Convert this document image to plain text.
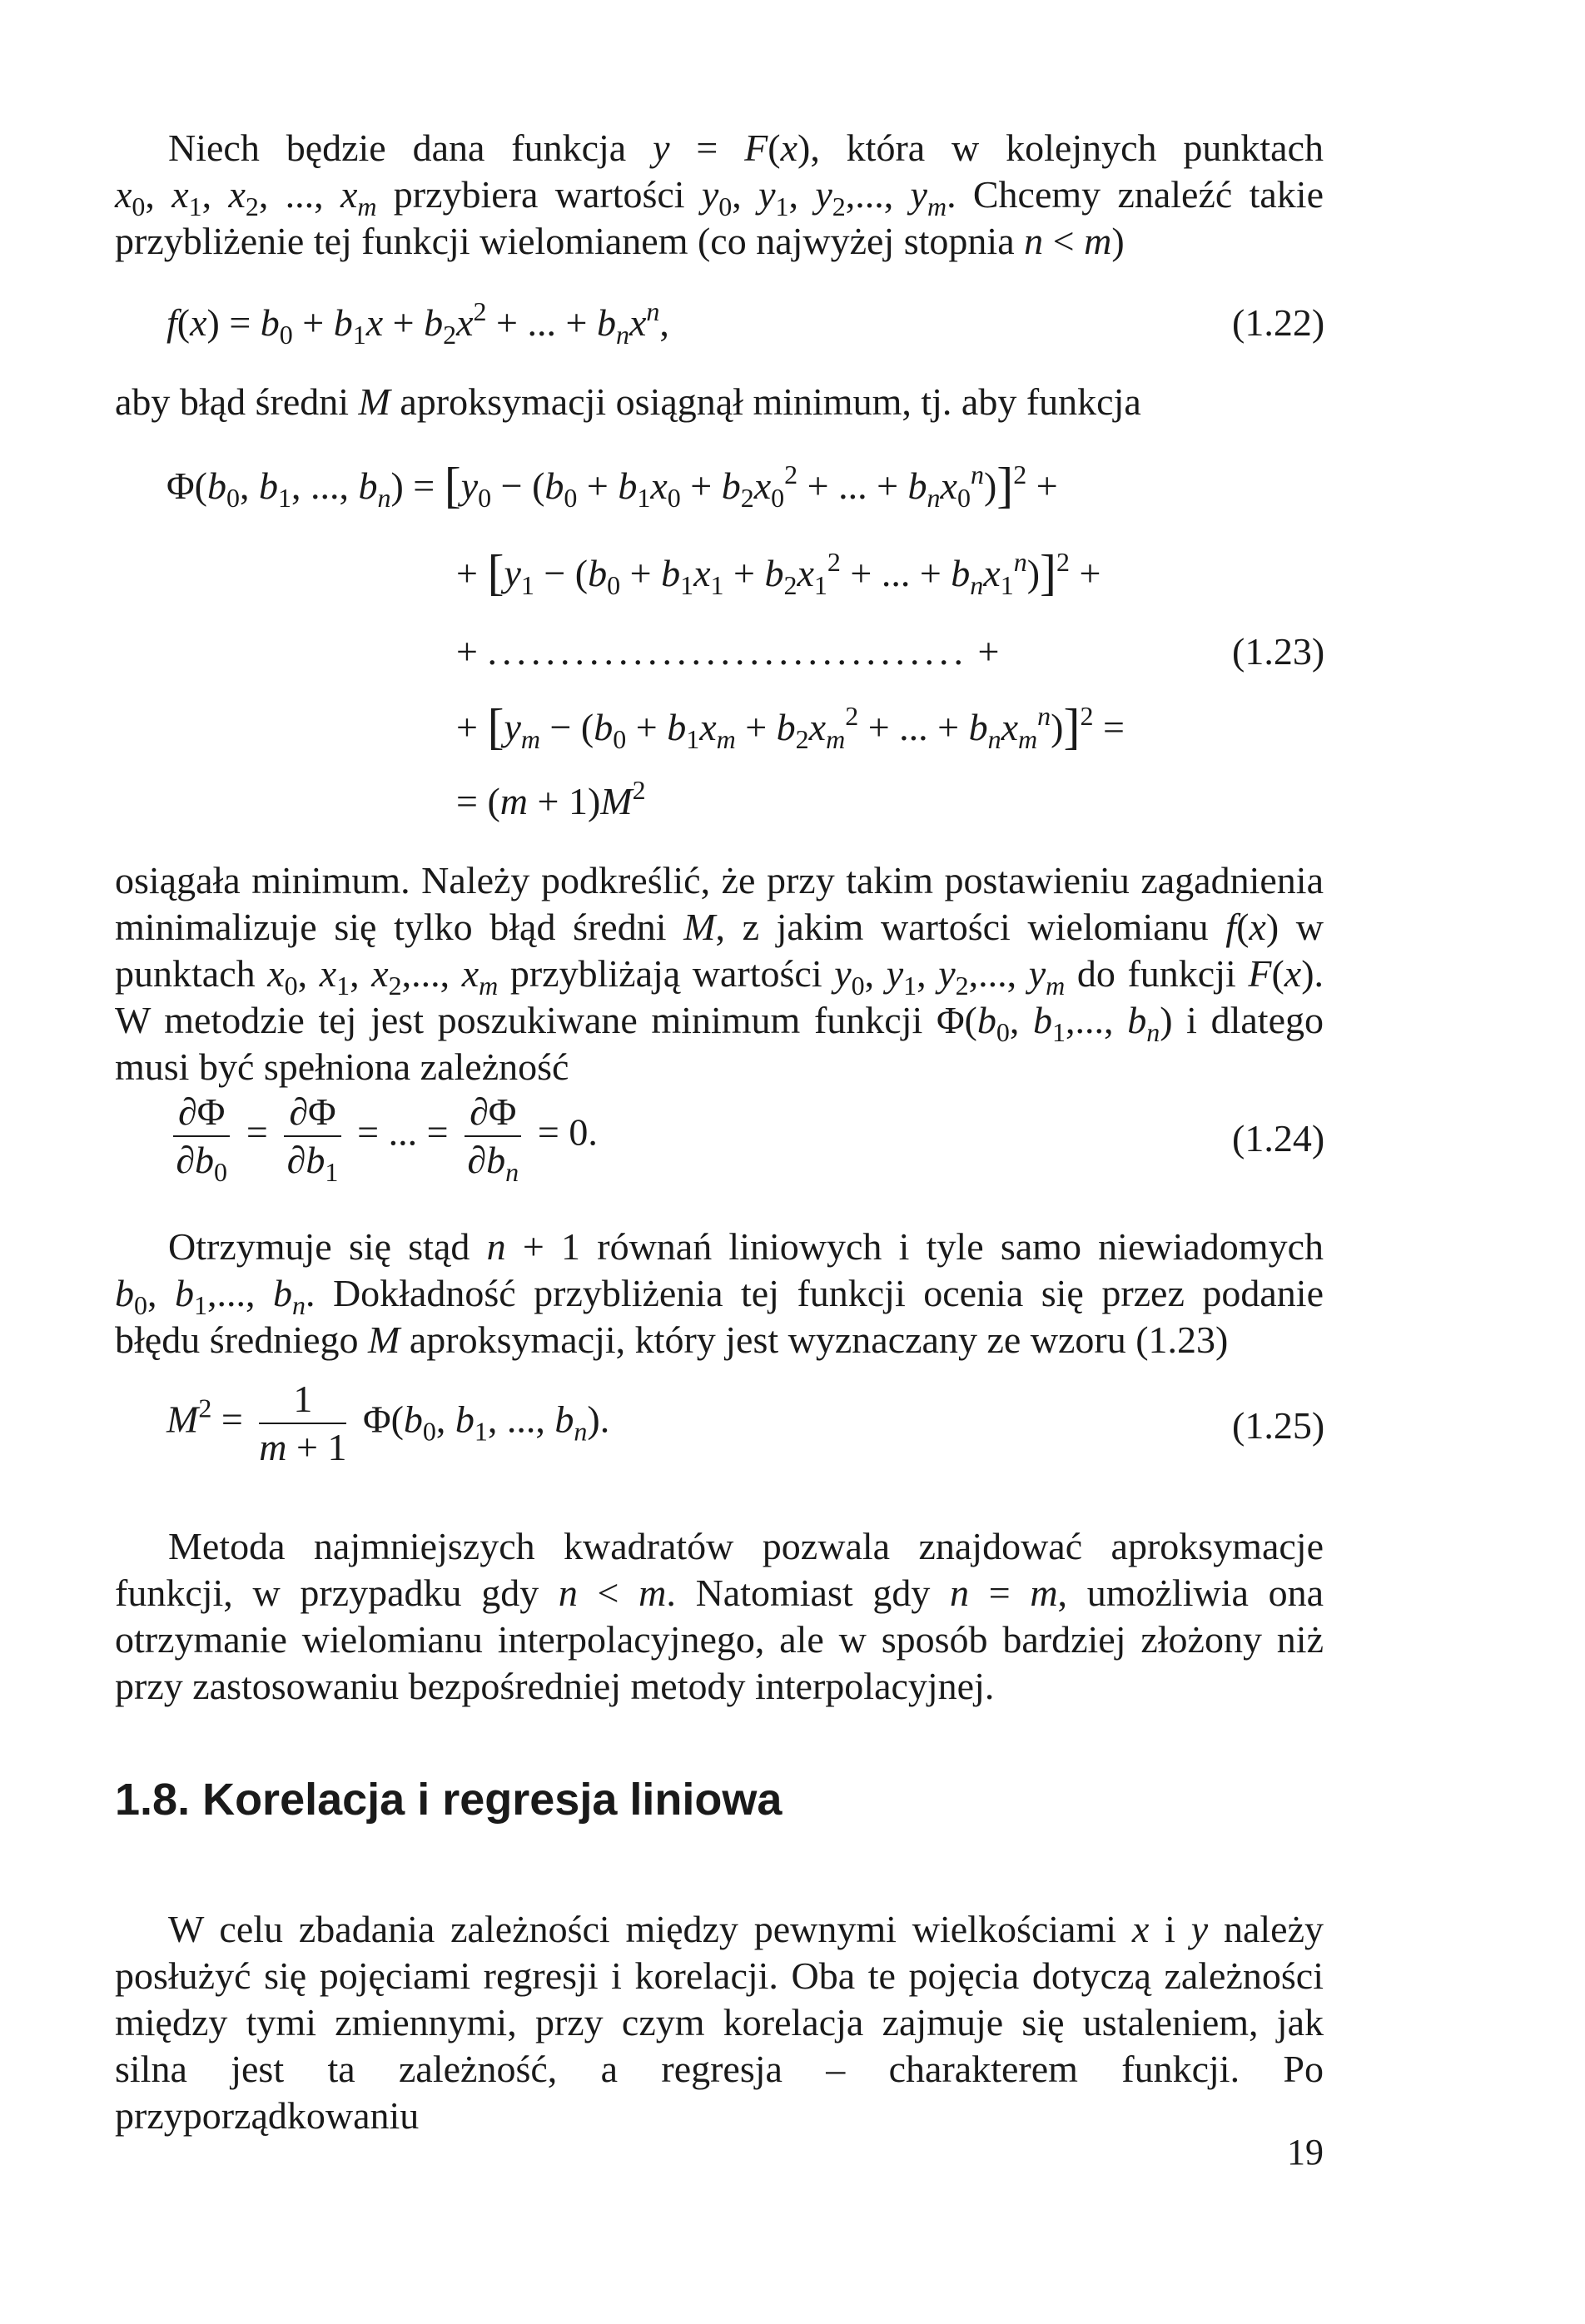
Niech będzie dana funkcja y = F(x), która w kolejnych punktach $x_0$, $x_1$, $x_2$, ..., $x_m$ przybiera wartości $y_0$, $y_1$, $y_2$,..., $y_m$. Chcemy znaleźć takie przybliżenie tej funkcji wielomianem (co najwyżej stopnia n < m)

$f(x) = b_0 + b_1x + b_2x^2$ + ... + $b_nx^n$,	(1.22)

aby błąd średni M aproksymacji osiągnął minimum, tj. aby funkcja

$\Phi(b_0$, $b_1$, ..., $b_n) = [y_0 - (b_0 + b_1x_0 + b_2x_0^2$ + ... + $b_nx_0^n)]^2$ +
+ [$y_1 - (b_0 + b_1x_1 + b_2x_1^2$ + ... + $b_nx_1^n)]^2$ +
+ ................................. +	(1.23)
+ [$y_m - (b_0 + b_1x_m + b_2x_m^2$ + ... + $b_nx_m^n)]^2$ =
= $(m + 1)M^2$

osiągała minimum. Należy podkreślić, że przy takim postawieniu zagadnienia minimalizuje się tylko błąd średni M, z jakim wartości wielomianu f(x) w punktach $x_0$, $x_1$, $x_2$,..., $x_m$ przybliżają wartości $y_0$, $y_1$, $y_2$,..., $y_m$ do funkcji F(x). W metodzie tej jest poszukiwane minimum funkcji $\Phi(b_0$, $b_1$,..., $b_n$) i dlatego musi być spełniona zależność

$\frac{\partial\Phi}{\partial b_0} = \frac{\partial\Phi}{\partial b_1}$ = ... = $\frac{\partial\Phi}{\partial b_n} = 0$.	(1.24)

Otrzymuje się stąd n + 1 równań liniowych i tyle samo niewiadomych $b_0$, $b_1$,..., $b_n$. Dokładność przybliżenia tej funkcji ocenia się przez podanie błędu średniego M aproksymacji, który jest wyznaczany ze wzoru (1.23)

$M^2 = \frac{1}{m + 1} \Phi(b_0$, $b_1$, ..., $b_n$).	(1.25)

Metoda najmniejszych kwadratów pozwala znajdować aproksymacje funkcji, w przypadku gdy n < m. Natomiast gdy n = m, umożliwia ona otrzymanie wielomianu interpolacyjnego, ale w sposób bardziej złożony niż przy zastosowaniu bezpośredniej metody interpolacyjnej.

1.8. Korelacja i regresja liniowa

W celu zbadania zależności między pewnymi wielkościami x i y należy posłużyć się pojęciami regresji i korelacji. Oba te pojęcia dotyczą zależności między tymi zmiennymi, przy czym korelacja zajmuje się ustaleniem, jak silna jest ta zależność, a regresja – charakterem funkcji. Po przyporządkowaniu

19
